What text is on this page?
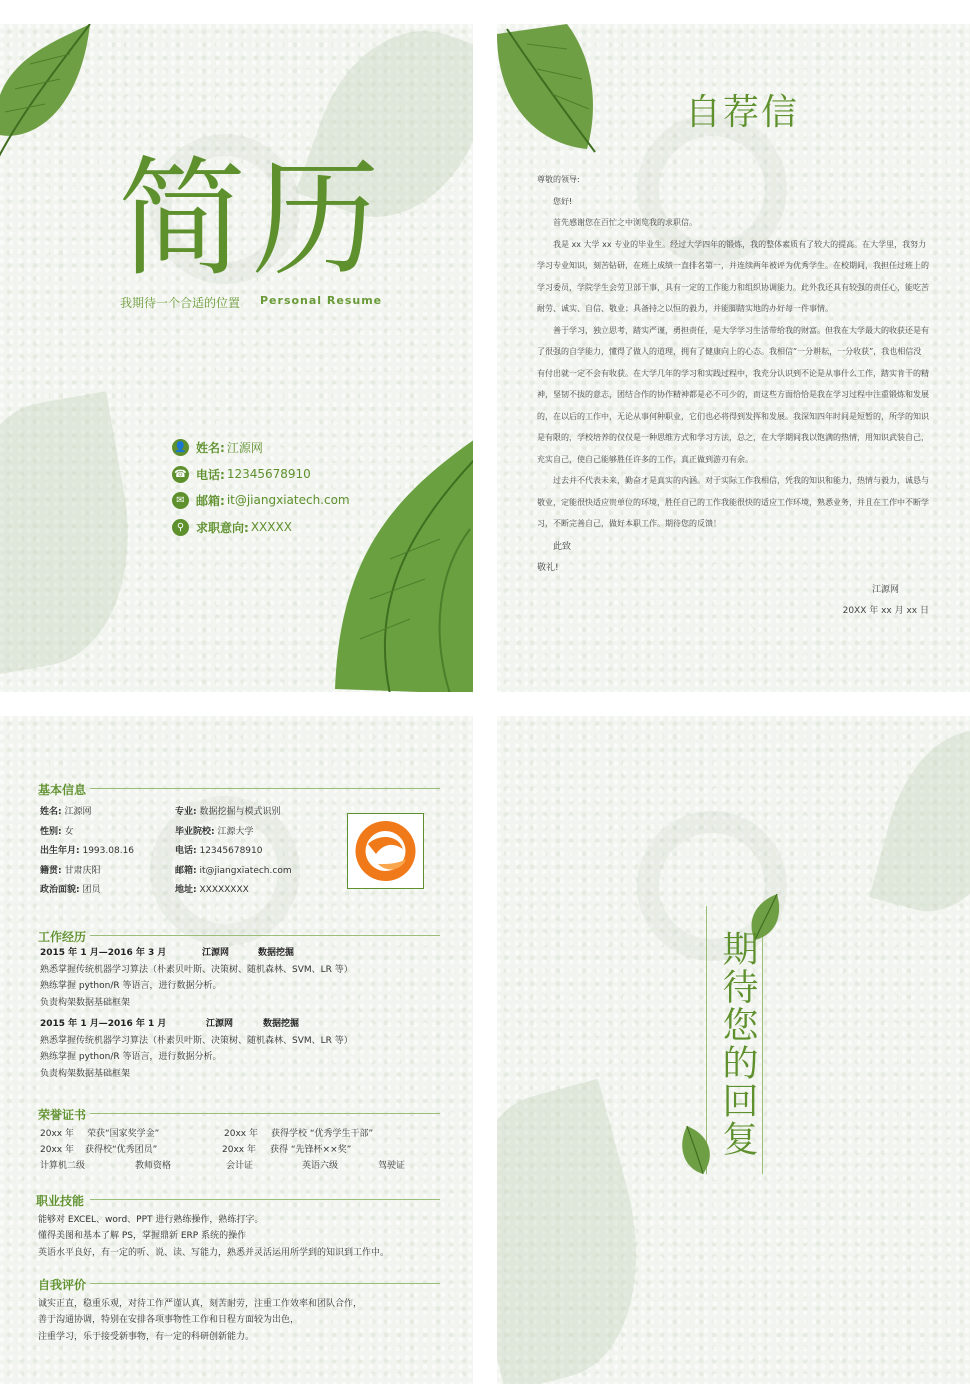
简历
我期待一个合适的位置 Personal Resume
👤 姓名: 江源网
☎ 电话: 12345678910
✉ 邮箱: it@jiangxiatech.com
⚲ 求职意向: XXXXX
自荐信

尊敬的领导:

您好!

首先感谢您在百忙之中浏览我的求职信。

我是 xx 大学 xx 专业的毕业生。经过大学四年的锻炼，我的整体素质有了较大的提高。在大学里，我努力学习专业知识，刻苦钻研，在班上成绩一直排名第一，并连续两年被评为优秀学生。在校期间，我担任过班上的学习委员，学院学生会劳卫部干事，具有一定的工作能力和组织协调能力。此外我还具有较强的责任心，能吃苦耐劳、诚实、自信、敬业；具备持之以恒的毅力，并能脚踏实地的办好每一件事情。

善于学习，独立思考，踏实严谨，勇担责任，是大学学习生活带给我的财富。但我在大学最大的收获还是有了很强的自学能力，懂得了做人的道理，拥有了健康向上的心态。我相信“一分耕耘，一分收获”，我也相信没有付出就一定不会有收获。在大学几年的学习和实践过程中，我充分认识到不论是从事什么工作，踏实肯干的精神，坚韧不拔的意志，团结合作的协作精神都是必不可少的，而这些方面恰恰是我在学习过程中注重锻炼和发展的，在以后的工作中，无论从事何种职业，它们也必将得到发挥和发展。我深知四年时间是短暂的，所学的知识是有限的，学校培养的仅仅是一种思维方式和学习方法，总之，在大学期间我以饱满的热情，用知识武装自己，充实自己，使自己能够胜任许多的工作，真正做到游刃有余。

过去并不代表未来，勤奋才是真实的内涵。对于实际工作我相信，凭我的知识和能力，热情与毅力，诚恳与敬业，定能很快适应贵单位的环境，胜任自己的工作我能很快的适应工作环境，熟悉业务，并且在工作中不断学习，不断完善自己，做好本职工作。期待您的反馈！

此致

敬礼!

江源网

20XX 年 xx 月 xx 日

基本信息
姓名: 江源网
性别: 女
出生年月: 1993.08.16
籍贯: 甘肃庆阳
政治面貌: 团员
专业: 数据挖掘与模式识别
毕业院校: 江源大学
电话: 12345678910
邮箱: it@jiangxiatech.com
地址: XXXXXXXX
工作经历
2015 年 1 月—2016 年 3 月	江源网	数据挖掘
熟悉掌握传统机器学习算法（朴素贝叶斯、决策树、随机森林、SVM、LR 等）
熟练掌握 python/R 等语言，进行数据分析。
负责构架数据基础框架
2015 年 1 月—2016 年 1 月	江源网	数据挖掘
熟悉掌握传统机器学习算法（朴素贝叶斯、决策树、随机森林、SVM、LR 等）
熟练掌握 python/R 等语言，进行数据分析。
负责构架数据基础框架
荣誉证书
20xx 年 荣获“国家奖学金”	20xx 年 获得学校 “优秀学生干部”
20xx 年 获得校“优秀团员”	20xx 年 获得 “先锋杯××奖”
计算机二级	教师资格	会计证	英语六级	驾驶证
职业技能
能够对 EXCEL、word、PPT 进行熟练操作，熟练打字。
懂得美图和基本了解 PS，掌握鼎新 ERP 系统的操作
英语水平良好，有一定的听、说、读、写能力，熟悉并灵活运用所学到的知识到工作中。
自我评价
诚实正直，稳重乐观，对待工作严谨认真，刻苦耐劳，注重工作效率和团队合作，
善于沟通协调，特别在安排各项事物性工作和日程方面较为出色，
注重学习，乐于接受新事物，有一定的科研创新能力。
期待您的回复
